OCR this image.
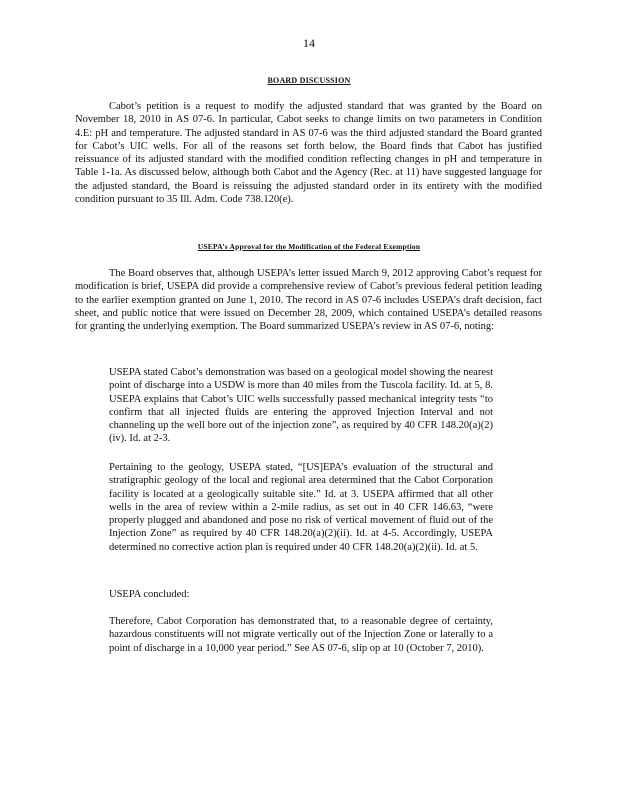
14
BOARD DISCUSSION

Cabot’s petition is a request to modify the adjusted standard that was granted by the Board on November 18, 2010 in AS 07-6. In particular, Cabot seeks to change limits on two parameters in Condition 4.E: pH and temperature. The adjusted standard in AS 07-6 was the third adjusted standard the Board granted for Cabot’s UIC wells. For all of the reasons set forth below, the Board finds that Cabot has justified reissuance of its adjusted standard with the modified condition reflecting changes in pH and temperature in Table 1-1a. As discussed below, although both Cabot and the Agency (Rec. at 11) have suggested language for the adjusted standard, the Board is reissuing the adjusted standard order in its entirety with the modified condition pursuant to 35 Ill. Adm. Code 738.120(e).

USEPA’s Approval for the Modification of the Federal Exemption

The Board observes that, although USEPA’s letter issued March 9, 2012 approving Cabot’s request for modification is brief, USEPA did provide a comprehensive review of Cabot’s previous federal petition leading to the earlier exemption granted on June 1, 2010. The record in AS 07-6 includes USEPA’s draft decision, fact sheet, and public notice that were issued on December 28, 2009, which contained USEPA’s detailed reasons for granting the underlying exemption. The Board summarized USEPA’s review in AS 07-6, noting:

USEPA stated Cabot’s demonstration was based on a geological model showing the nearest point of discharge into a USDW is more than 40 miles from the Tuscola facility. Id. at 5, 8. USEPA explains that Cabot’s UIC wells successfully passed mechanical integrity tests “to confirm that all injected fluids are entering the approved Injection Interval and not channeling up the well bore out of the injection zone”, as required by 40 CFR 148.20(a)(2)(iv). Id. at 2-3.

Pertaining to the geology, USEPA stated, “[US]EPA’s evaluation of the structural and stratigraphic geology of the local and regional area determined that the Cabot Corporation facility is located at a geologically suitable site.” Id. at 3. USEPA affirmed that all other wells in the area of review within a 2-mile radius, as set out in 40 CFR 146.63, “were properly plugged and abandoned and pose no risk of vertical movement of fluid out of the Injection Zone” as required by 40 CFR 148.20(a)(2)(ii). Id. at 4-5. Accordingly, USEPA determined no corrective action plan is required under 40 CFR 148.20(a)(2)(ii). Id. at 5.

USEPA concluded:

Therefore, Cabot Corporation has demonstrated that, to a reasonable degree of certainty, hazardous constituents will not migrate vertically out of the Injection Zone or laterally to a point of discharge in a 10,000 year period.” See AS 07-6, slip op at 10 (October 7, 2010).
